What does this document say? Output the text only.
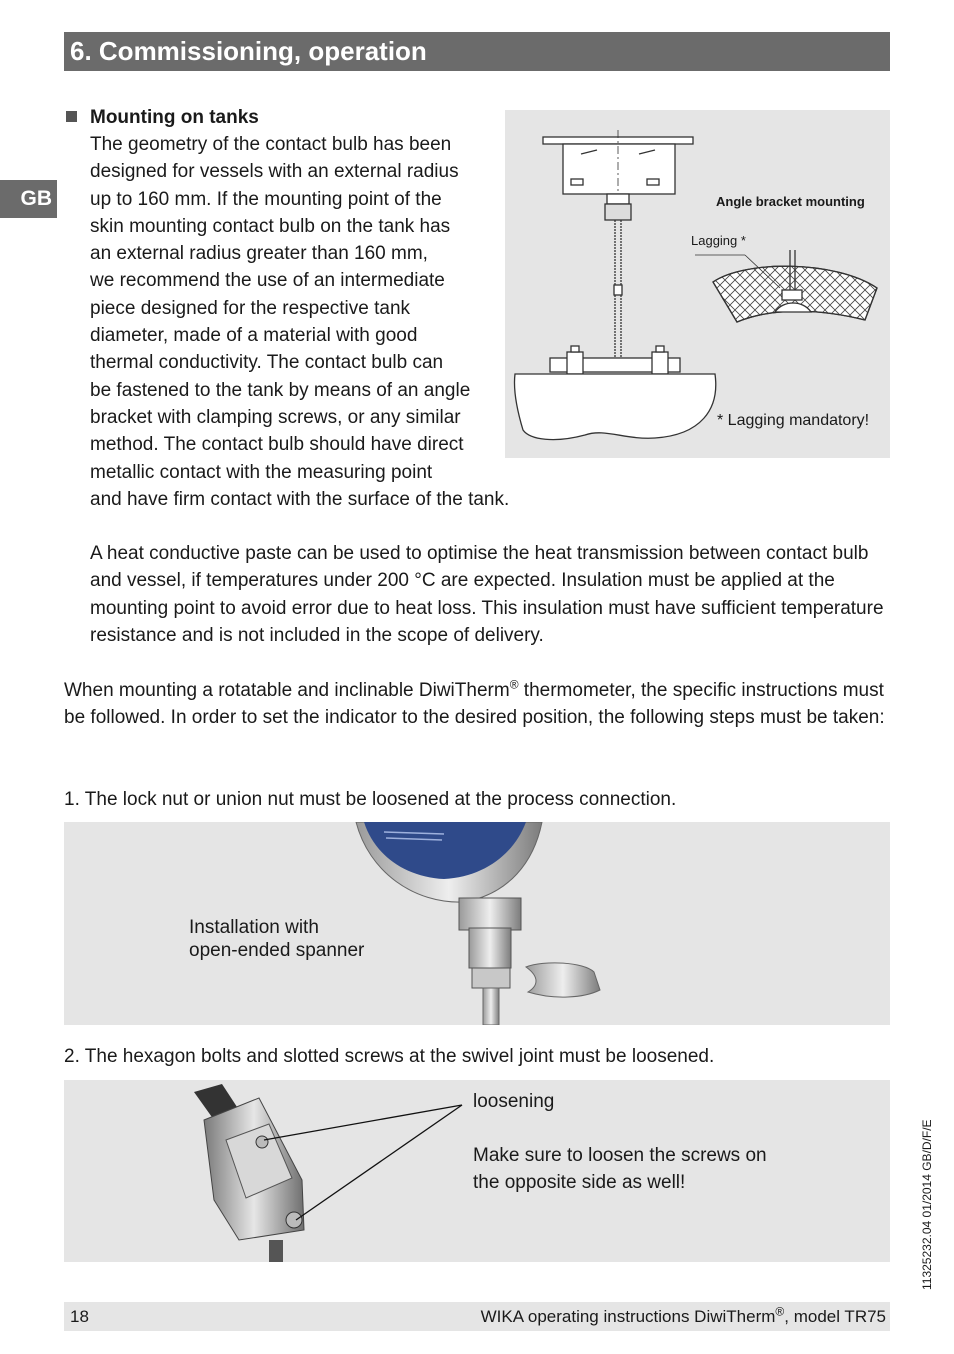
6. Commissioning, operation
GB
Mounting on tanks
The geometry of the contact bulb has been
designed for vessels with an external radius
up to 160 mm. If the mounting point of the
skin mounting contact bulb on the tank has
an external radius greater than 160 mm,
we recommend the use of an intermediate
piece designed for the respective tank
diameter, made of a material with good
thermal conductivity. The contact bulb can
be fastened to the tank by means of an angle
bracket with clamping screws, or any similar
method. The contact bulb should have direct
metallic contact with the measuring point
and have firm contact with the surface of the tank.
Angle bracket mounting
Lagging *
* Lagging mandatory!
A heat conductive paste can be used to optimise the heat transmission between contact bulb and vessel, if temperatures under 200 °C are expected. Insulation must be applied at the mounting point to avoid error due to heat loss. This insulation must have sufficient temperature resistance and is not included in the scope of delivery.
When mounting a rotatable and inclinable DiwiTherm® thermometer, the specific instructions must be followed. In order to set the indicator to the desired position, the following steps must be taken:
1. The lock nut or union nut must be loosened at the process connection.
Installation with
open-ended spanner
2. The hexagon bolts and slotted screws at the swivel joint must be loosened.
loosening
Make sure to loosen the screws on
the opposite side as well!	11325232.04 01/2014 GB/D/F/E
18	WIKA operating instructions DiwiTherm®, model TR75
